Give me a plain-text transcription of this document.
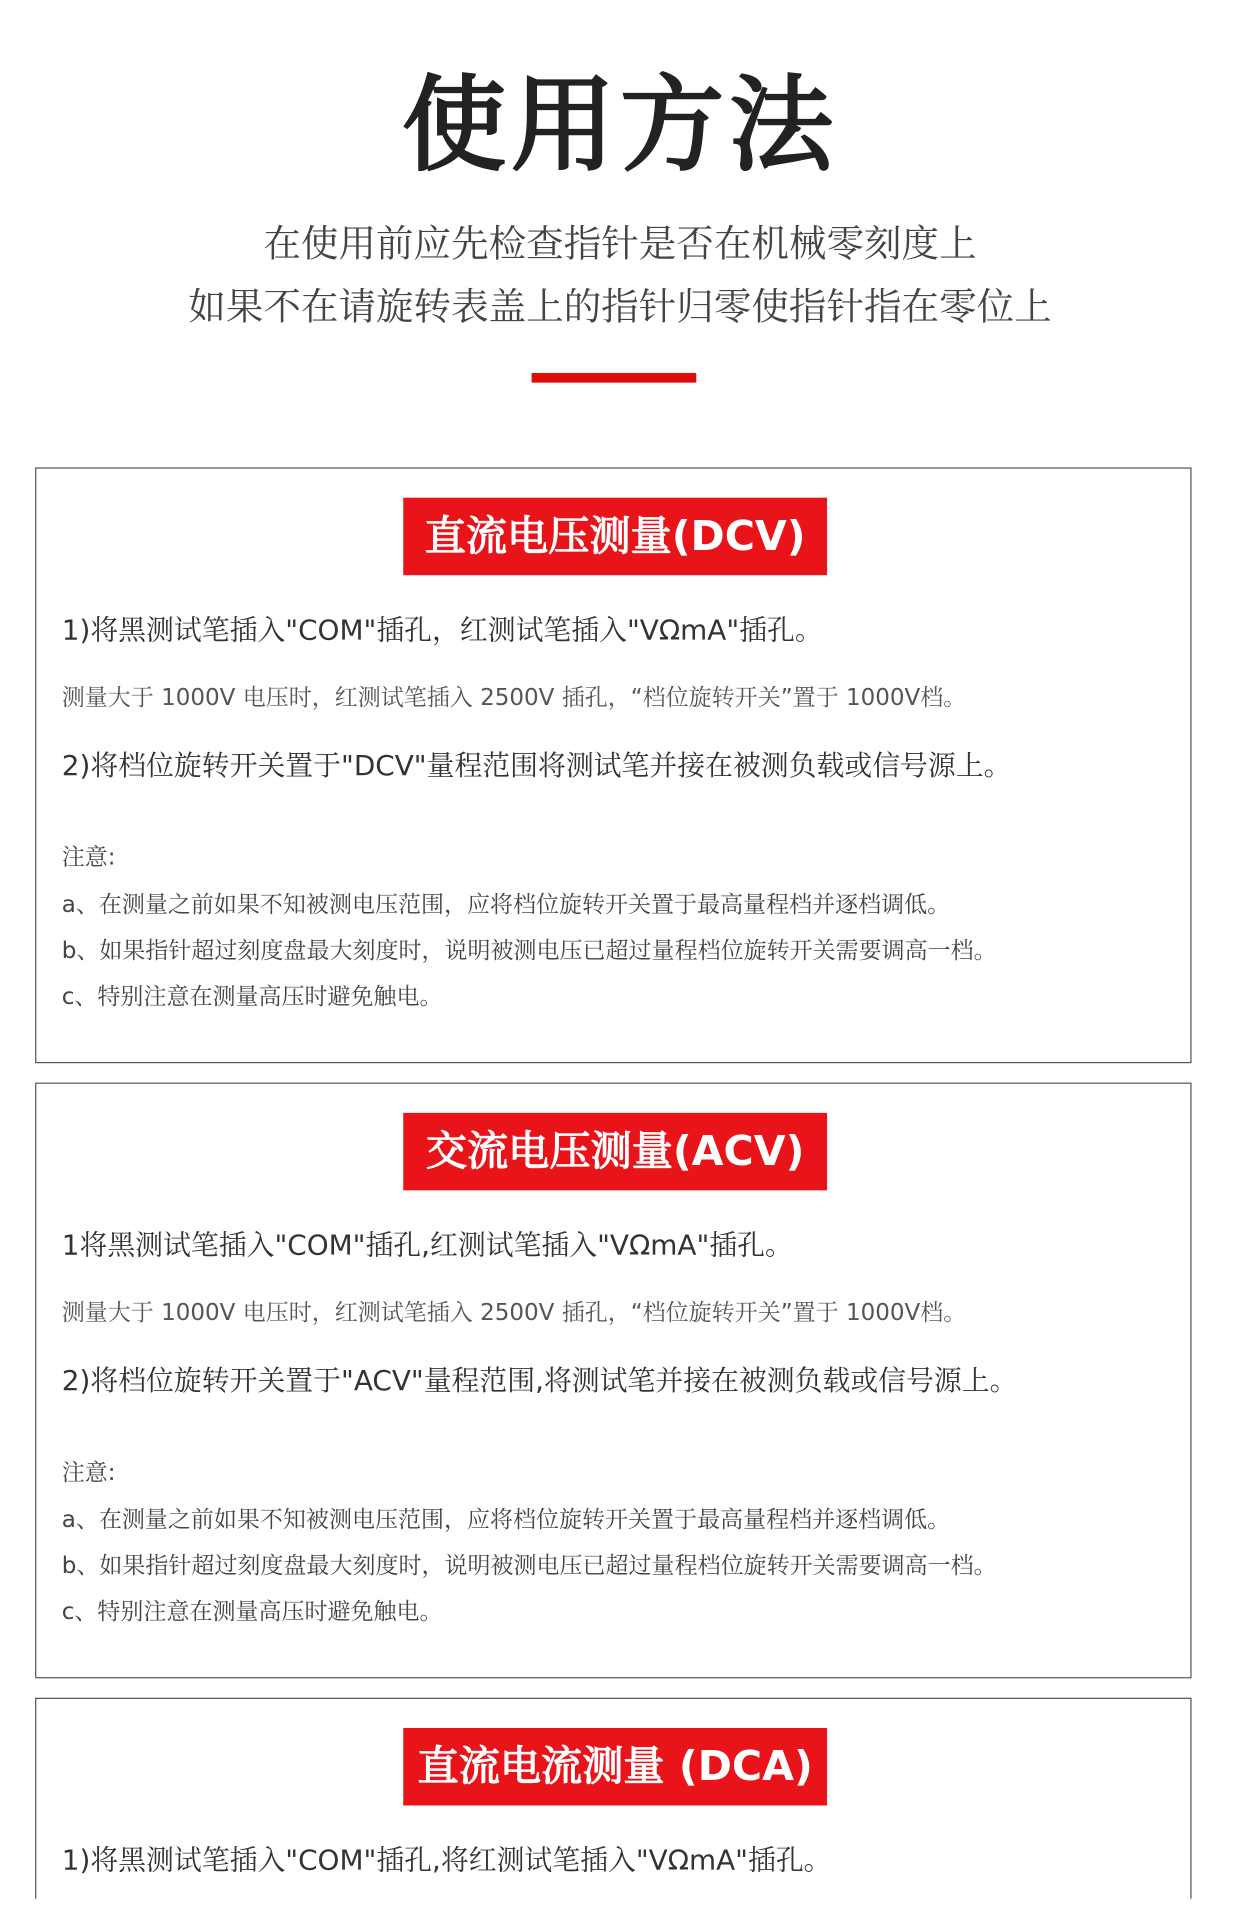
使用方法
在使用前应先检查指针是否在机械零刻度上
如果不在请旋转表盖上的指针归零使指针指在零位上
直流电压测量(DCV)
1)将黑测试笔插入"COM"插孔，红测试笔插入"VΩmA"插孔。
测量大于 1000V 电压时，红测试笔插入 2500V 插孔，“档位旋转开关”置于 1000V档。
2)将档位旋转开关置于"DCV"量程范围将测试笔并接在被测负载或信号源上。
注意:
a、在测量之前如果不知被测电压范围，应将档位旋转开关置于最高量程档并逐档调低。
b、如果指针超过刻度盘最大刻度时，说明被测电压已超过量程档位旋转开关需要调高一档。
c、特别注意在测量高压时避免触电。
交流电压测量(ACV)
1将黑测试笔插入"COM"插孔,红测试笔插入"VΩmA"插孔。
测量大于 1000V 电压时，红测试笔插入 2500V 插孔，“档位旋转开关”置于 1000V档。
2)将档位旋转开关置于"ACV"量程范围,将测试笔并接在被测负载或信号源上。
注意:
a、在测量之前如果不知被测电压范围，应将档位旋转开关置于最高量程档并逐档调低。
b、如果指针超过刻度盘最大刻度时，说明被测电压已超过量程档位旋转开关需要调高一档。
c、特别注意在测量高压时避免触电。
直流电流测量 (DCA)
1)将黑测试笔插入"COM"插孔,将红测试笔插入"VΩmA"插孔。
